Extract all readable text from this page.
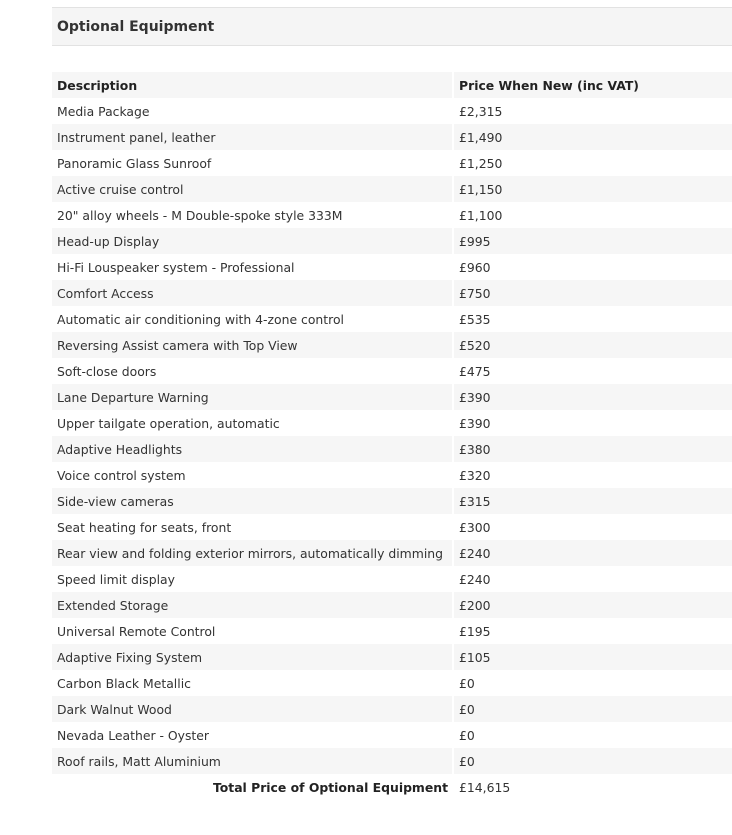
Optional Equipment
Description	Price When New (inc VAT)
Media Package	£2,315
Instrument panel, leather	£1,490
Panoramic Glass Sunroof	£1,250
Active cruise control	£1,150
20" alloy wheels - M Double-spoke style 333M	£1,100
Head-up Display	£995
Hi-Fi Louspeaker system - Professional	£960
Comfort Access	£750
Automatic air conditioning with 4-zone control	£535
Reversing Assist camera with Top View	£520
Soft-close doors	£475
Lane Departure Warning	£390
Upper tailgate operation, automatic	£390
Adaptive Headlights	£380
Voice control system	£320
Side-view cameras	£315
Seat heating for seats, front	£300
Rear view and folding exterior mirrors, automatically dimming	£240
Speed limit display	£240
Extended Storage	£200
Universal Remote Control	£195
Adaptive Fixing System	£105
Carbon Black Metallic	£0
Dark Walnut Wood	£0
Nevada Leather - Oyster	£0
Roof rails, Matt Aluminium	£0
Total Price of Optional Equipment	£14,615
